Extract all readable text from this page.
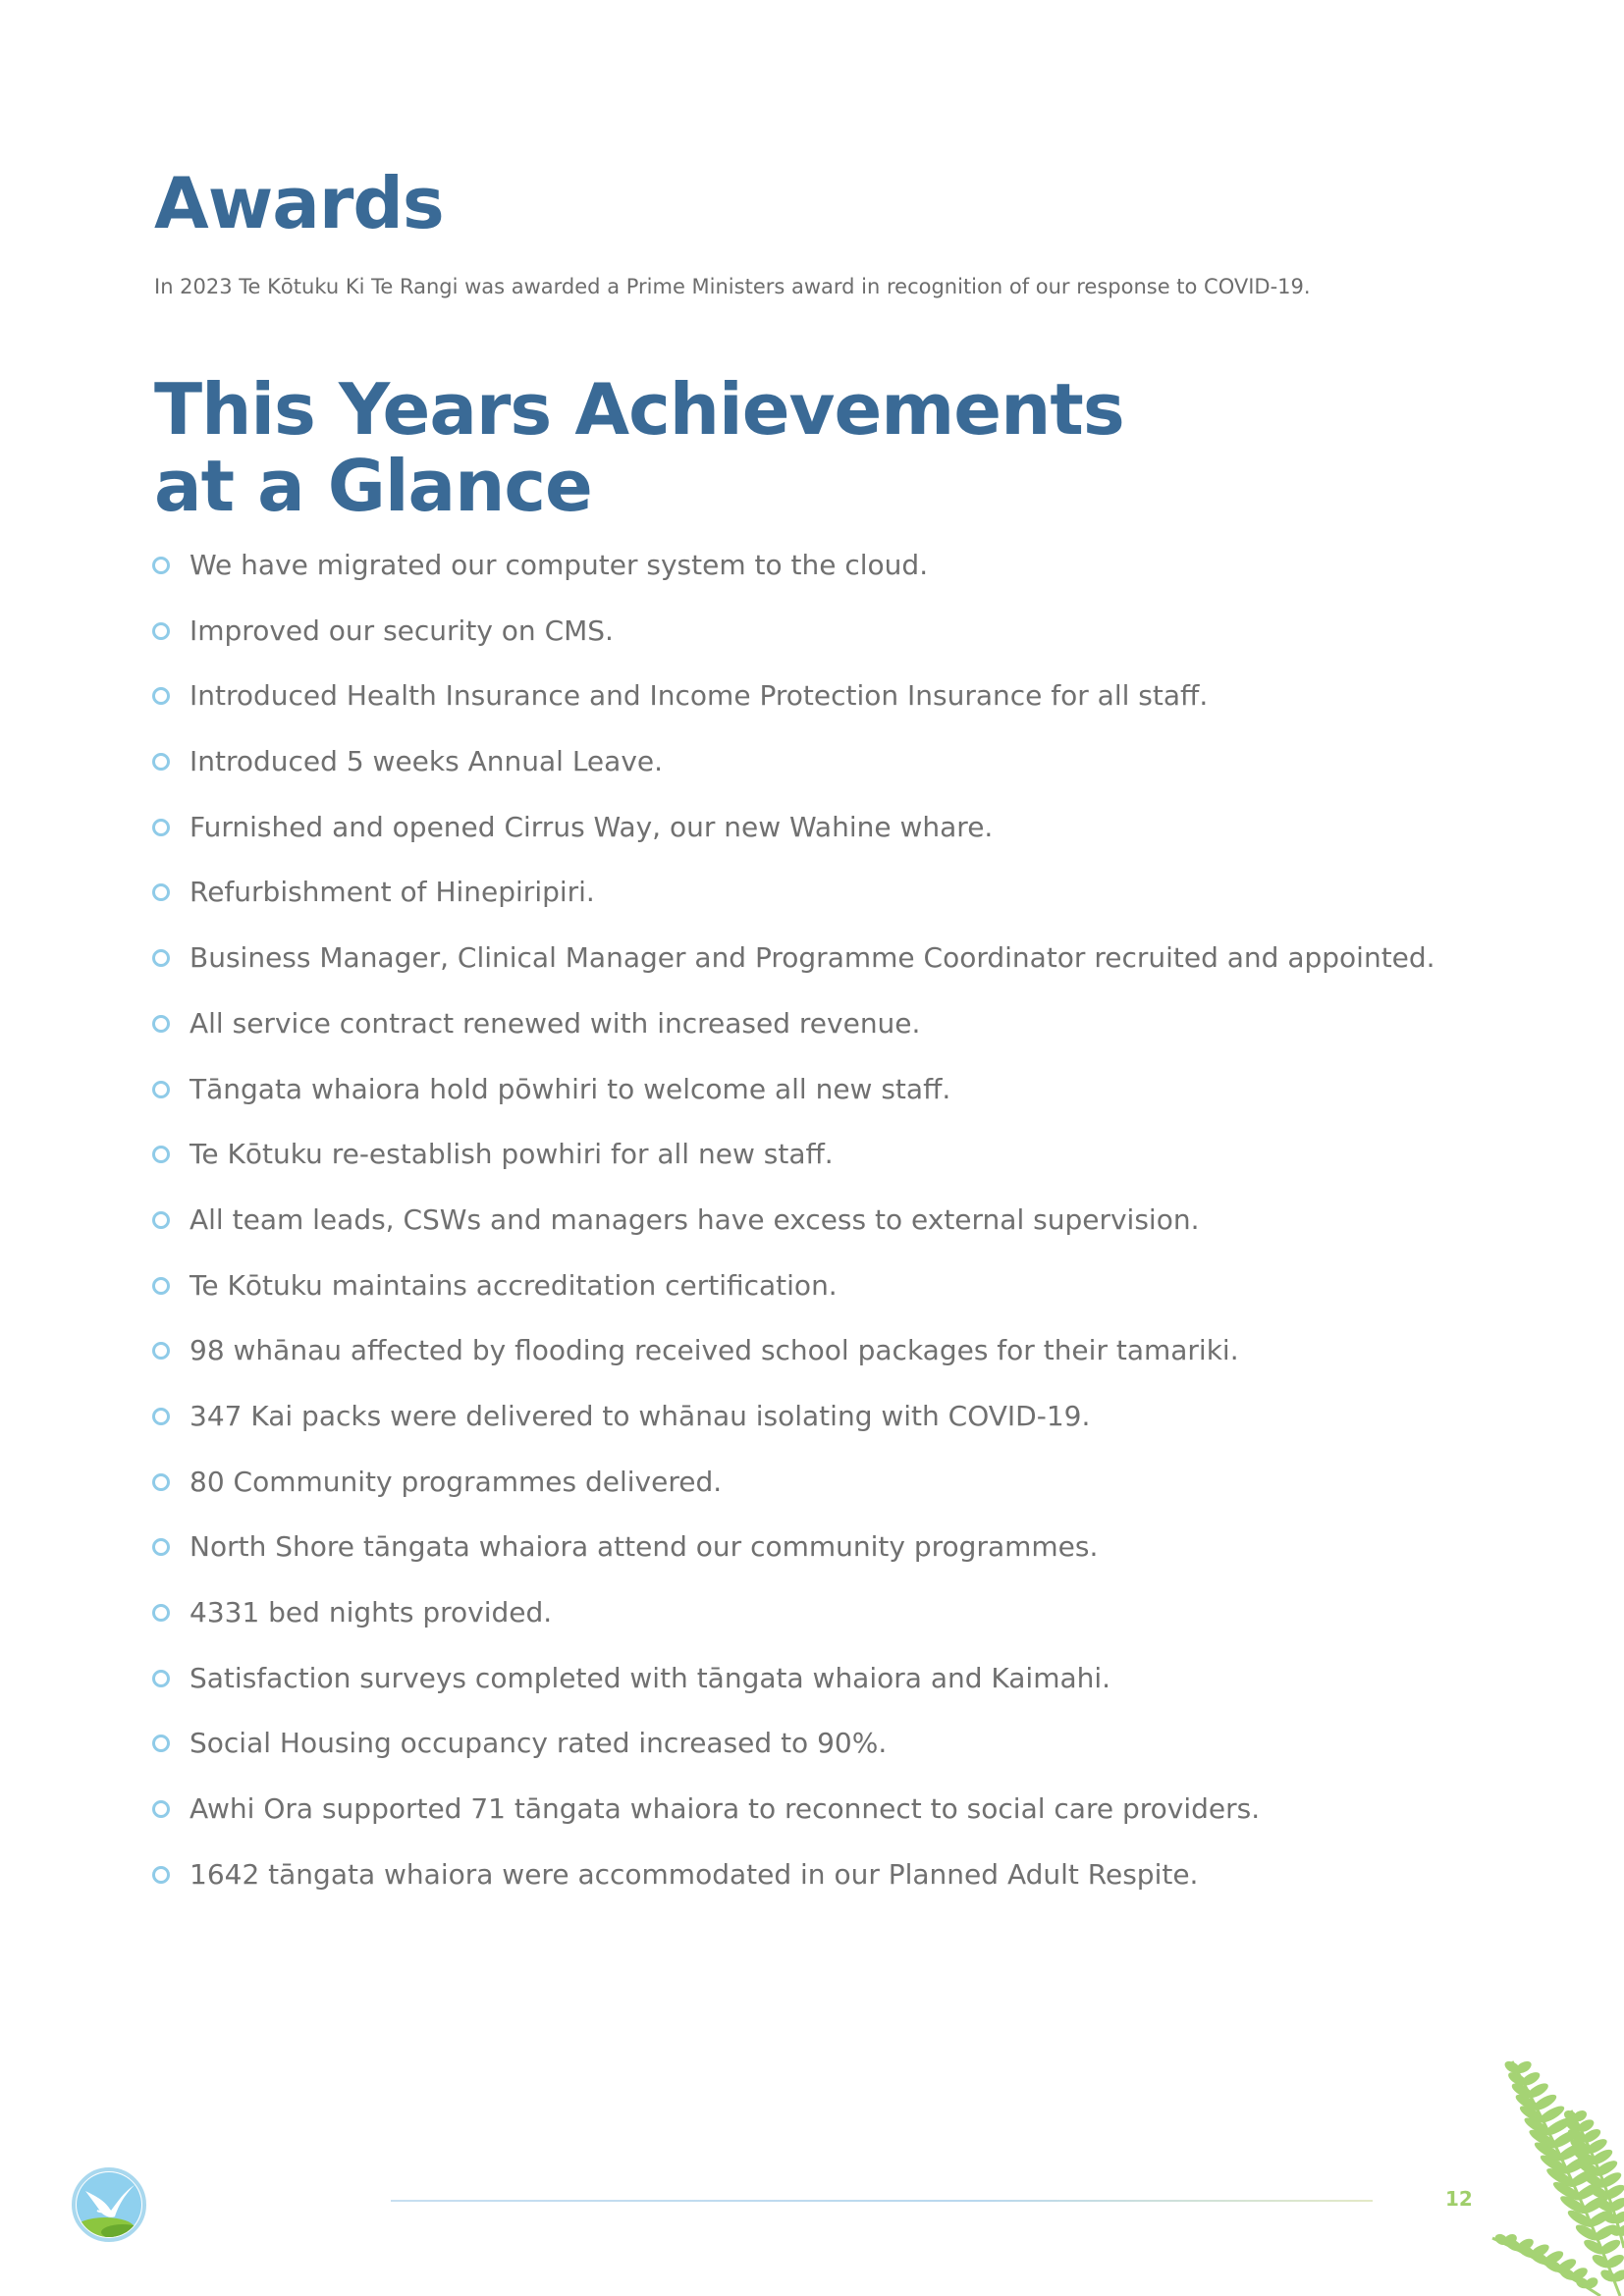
Awards

In 2023 Te Kōtuku Ki Te Rangi was awarded a Prime Ministers award in recognition of our response to COVID-19.

This Years Achievements
at a Glance
We have migrated our computer system to the cloud.
Improved our security on CMS.
Introduced Health Insurance and Income Protection Insurance for all staff.
Introduced 5 weeks Annual Leave.
Furnished and opened Cirrus Way, our new Wahine whare.
Refurbishment of Hinepiripiri.
Business Manager, Clinical Manager and Programme Coordinator recruited and appointed.
All service contract renewed with increased revenue.
Tāngata whaiora hold pōwhiri to welcome all new staff.
Te Kōtuku re-establish powhiri for all new staff.
All team leads, CSWs and managers have excess to external supervision.
Te Kōtuku maintains accreditation certification.
98 whānau affected by flooding received school packages for their tamariki.
347 Kai packs were delivered to whānau isolating with COVID-19.
80 Community programmes delivered.
North Shore tāngata whaiora attend our community programmes.
4331 bed nights provided.
Satisfaction surveys completed with tāngata whaiora and Kaimahi.
Social Housing occupancy rated increased to 90%.
Awhi Ora supported 71 tāngata whaiora to reconnect to social care providers.
1642 tāngata whaiora were accommodated in our Planned Adult Respite.
12
